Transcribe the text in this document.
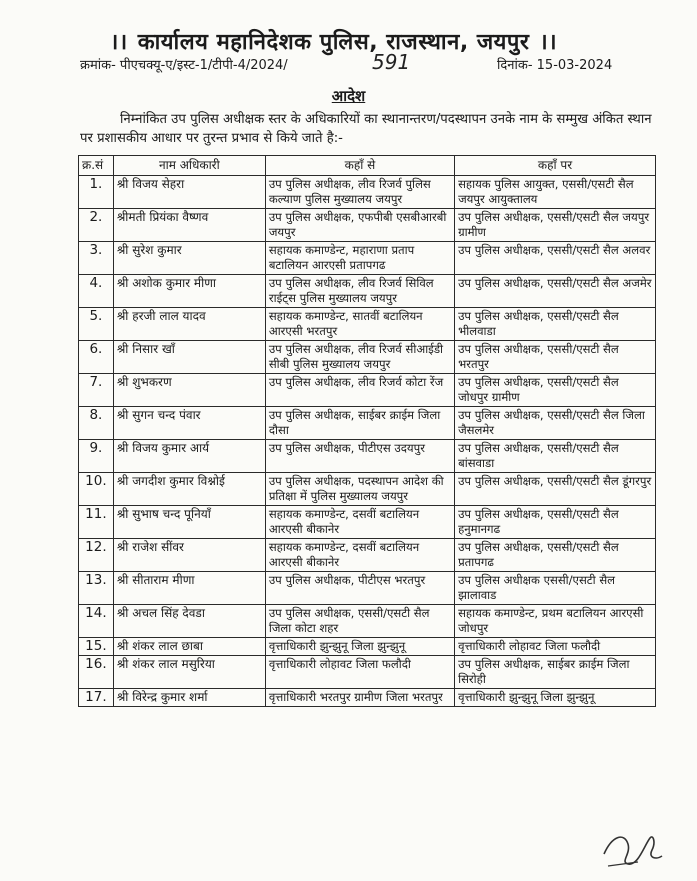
।। कार्यालय महानिदेशक पुलिस, राजस्थान, जयपुर ।।
क्रमांक- पीएचक्यू-ए/इस्ट-1/टीपी-4/2024/	591	दिनांक- 15-03-2024
आदेश
निम्नांकित उप पुलिस अधीक्षक स्तर के अधिकारियों का स्थानान्तरण/पदस्थापन उनके नाम के सम्मुख अंकित स्थान पर प्रशासकीय आधार पर तुरन्त प्रभाव से किये जाते है:-
क्र.सं	नाम अधिकारी	कहाँ से	कहाँ पर
1.	श्री विजय सेहरा	उप पुलिस अधीक्षक, लीव रिजर्व पुलिस कल्याण पुलिस मुख्यालय जयपुर	सहायक पुलिस आयुक्त, एससी/एसटी सैल जयपुर आयुक्तालय
2.	श्रीमती प्रियंका वैष्णव	उप पुलिस अधीक्षक, एफपीबी एसबीआरबी जयपुर	उप पुलिस अधीक्षक, एससी/एसटी सैल जयपुर ग्रामीण
3.	श्री सुरेश कुमार	सहायक कमाण्डेन्ट, महाराणा प्रताप बटालियन आरएसी प्रतापगढ	उप पुलिस अधीक्षक, एससी/एसटी सैल अलवर
4.	श्री अशोक कुमार मीणा	उप पुलिस अधीक्षक, लीव रिजर्व सिविल राईट्स पुलिस मुख्यालय जयपुर	उप पुलिस अधीक्षक, एससी/एसटी सैल अजमेर
5.	श्री हरजी लाल यादव	सहायक कमाण्डेन्ट, सातवीं बटालियन आरएसी भरतपुर	उप पुलिस अधीक्षक, एससी/एसटी सैल भीलवाडा
6.	श्री निसार खाँ	उप पुलिस अधीक्षक, लीव रिजर्व सीआईडी सीबी पुलिस मुख्यालय जयपुर	उप पुलिस अधीक्षक, एससी/एसटी सैल भरतपुर
7.	श्री शुभकरण	उप पुलिस अधीक्षक, लीव रिजर्व कोटा रेंज	उप पुलिस अधीक्षक, एससी/एसटी सैल जोधपुर ग्रामीण
8.	श्री सुगन चन्द पंवार	उप पुलिस अधीक्षक, साईबर क्राईम जिला दौसा	उप पुलिस अधीक्षक, एससी/एसटी सैल जिला जैसलमेर
9.	श्री विजय कुमार आर्य	उप पुलिस अधीक्षक, पीटीएस उदयपुर	उप पुलिस अधीक्षक, एससी/एसटी सैल बांसवाडा
10.	श्री जगदीश कुमार विश्नोई	उप पुलिस अधीक्षक, पदस्थापन आदेश की प्रतिक्षा में पुलिस मुख्यालय जयपुर	उप पुलिस अधीक्षक, एससी/एसटी सैल डूंगरपुर
11.	श्री सुभाष चन्द पूनियाँ	सहायक कमाण्डेन्ट, दसवीं बटालियन आरएसी बीकानेर	उप पुलिस अधीक्षक, एससी/एसटी सैल हनुमानगढ
12.	श्री राजेश सींवर	सहायक कमाण्डेन्ट, दसवीं बटालियन आरएसी बीकानेर	उप पुलिस अधीक्षक, एससी/एसटी सैल प्रतापगढ
13.	श्री सीताराम मीणा	उप पुलिस अधीक्षक, पीटीएस भरतपुर	उप पुलिस अधीक्षक एससी/एसटी सैल झालावाड
14.	श्री अचल सिंह देवडा	उप पुलिस अधीक्षक, एससी/एसटी सैल जिला कोटा शहर	सहायक कमाण्डेन्ट, प्रथम बटालियन आरएसी जोधपुर
15.	श्री शंकर लाल छाबा	वृत्ताधिकारी झुन्झुनू जिला झुन्झुनू	वृत्ताधिकारी लोहावट जिला फलौदी
16.	श्री शंकर लाल मसुरिया	वृत्ताधिकारी लोहावट जिला फलौदी	उप पुलिस अधीक्षक, साईबर क्राईम जिला सिरोही
17.	श्री विरेन्द्र कुमार शर्मा	वृत्ताधिकारी भरतपुर ग्रामीण जिला भरतपुर	वृत्ताधिकारी झुन्झुनू जिला झुन्झुनू
